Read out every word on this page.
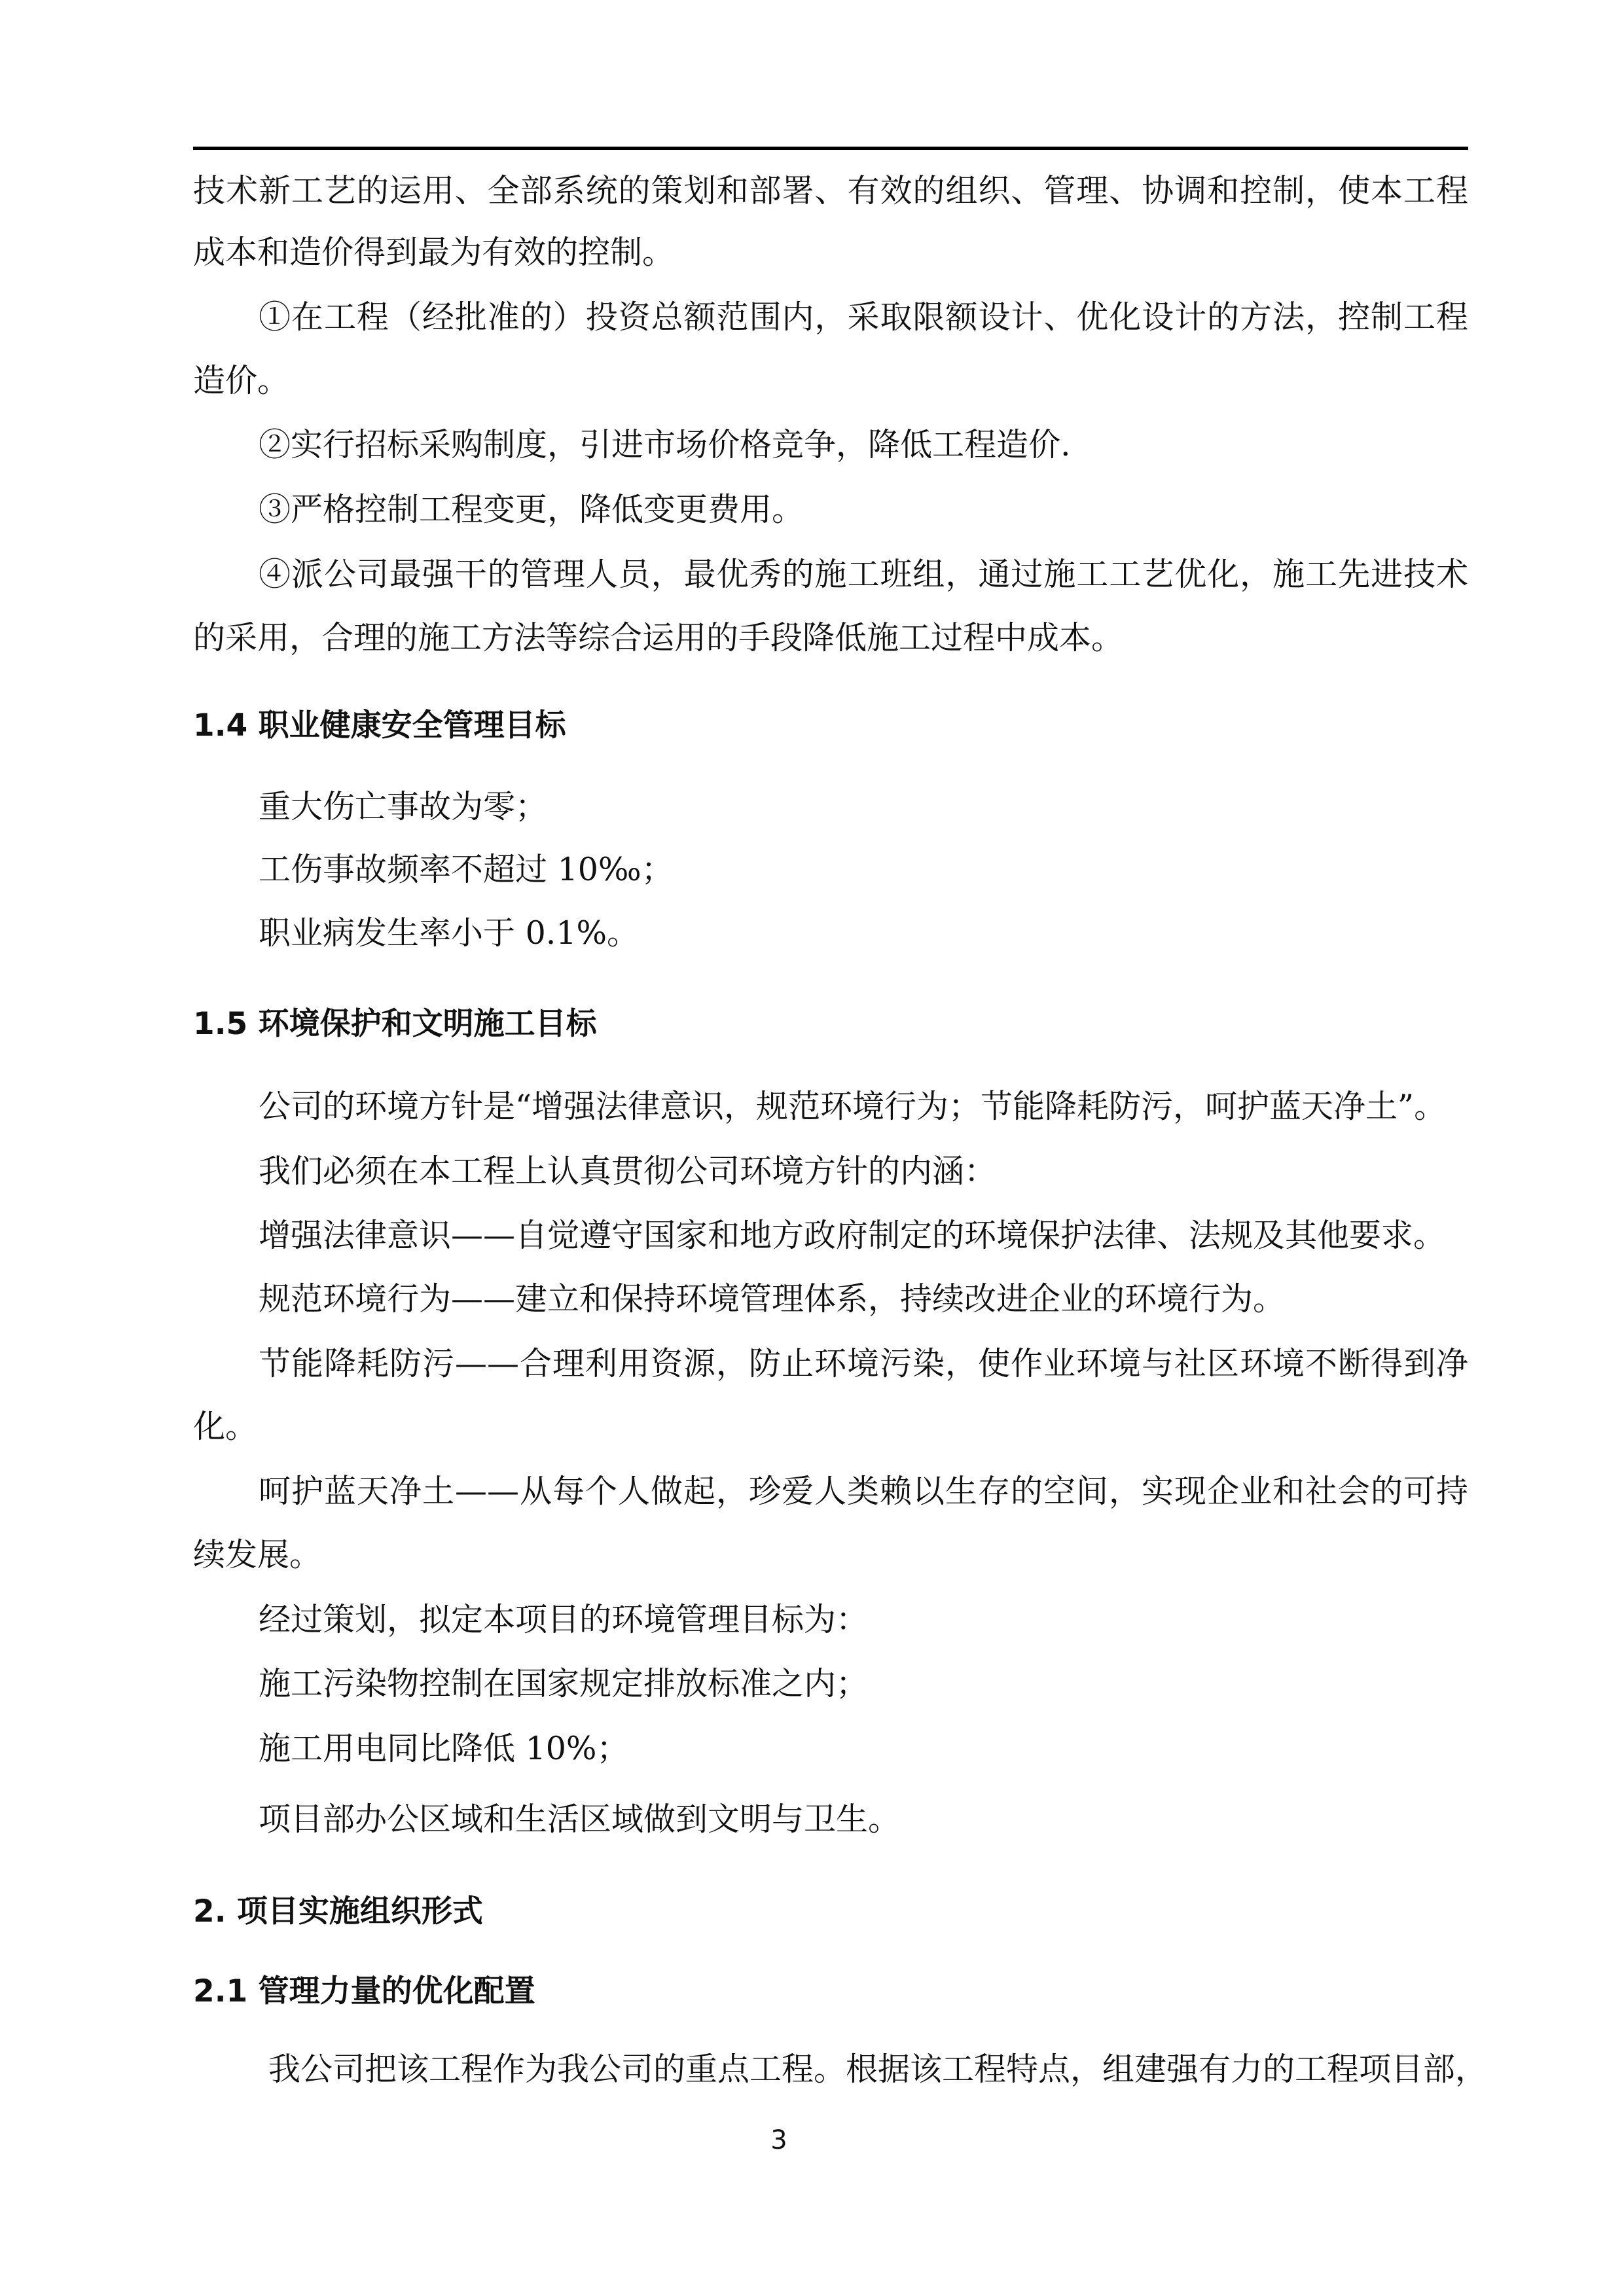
技术新工艺的运用、全部系统的策划和部署、有效的组织、管理、协调和控制，使本工程
成本和造价得到最为有效的控制。
①在工程（经批准的）投资总额范围内，采取限额设计、优化设计的方法，控制工程
造价。
②实行招标采购制度，引进市场价格竞争，降低工程造价.
③严格控制工程变更，降低变更费用。
④派公司最强干的管理人员，最优秀的施工班组，通过施工工艺优化，施工先进技术
的采用，合理的施工方法等综合运用的手段降低施工过程中成本。
1.4 职业健康安全管理目标
重大伤亡事故为零；
工伤事故频率不超过 10‰；
职业病发生率小于 0.1%。
1.5 环境保护和文明施工目标
公司的环境方针是“增强法律意识，规范环境行为；节能降耗防污，呵护蓝天净土”。
我们必须在本工程上认真贯彻公司环境方针的内涵：
增强法律意识——自觉遵守国家和地方政府制定的环境保护法律、法规及其他要求。
规范环境行为——建立和保持环境管理体系，持续改进企业的环境行为。
节能降耗防污——合理利用资源，防止环境污染，使作业环境与社区环境不断得到净
化。
呵护蓝天净土——从每个人做起，珍爱人类赖以生存的空间，实现企业和社会的可持
续发展。
经过策划，拟定本项目的环境管理目标为：
施工污染物控制在国家规定排放标准之内；
施工用电同比降低 10%；
项目部办公区域和生活区域做到文明与卫生。
2. 项目实施组织形式
2.1 管理力量的优化配置
我公司把该工程作为我公司的重点工程。根据该工程特点，组建强有力的工程项目部，
3
